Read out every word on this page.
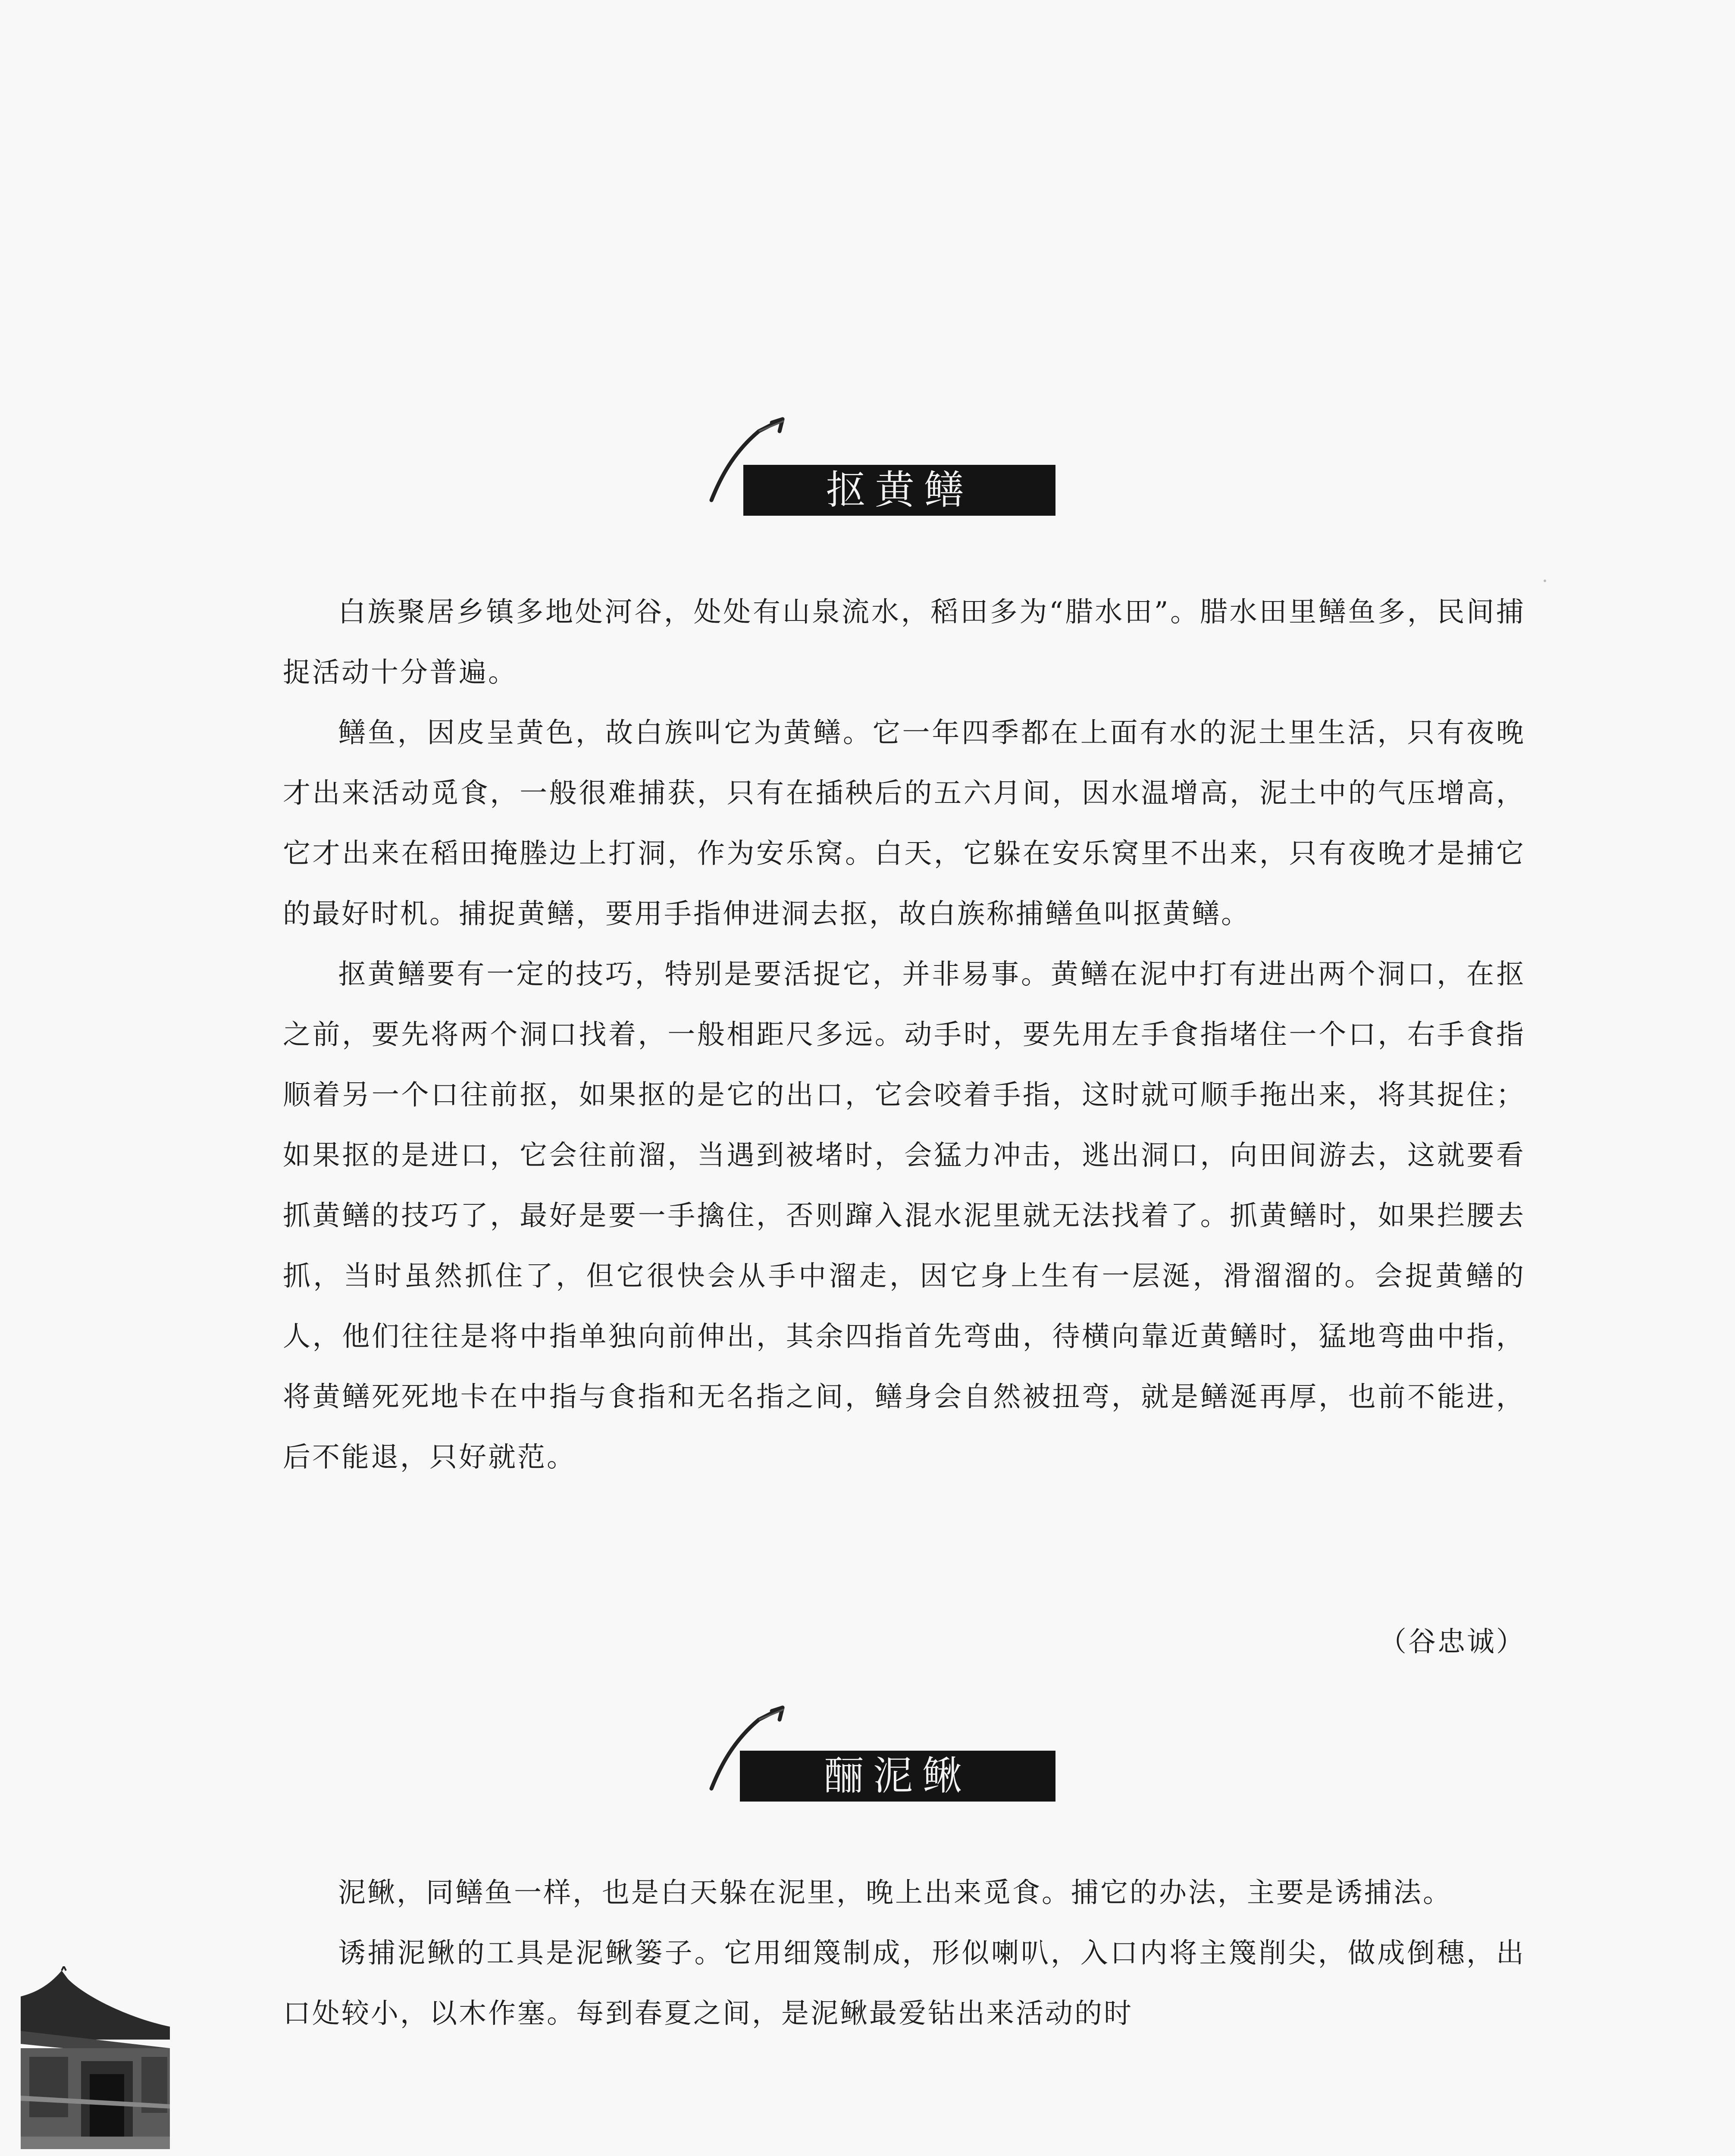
抠黄鳝

白族聚居乡镇多地处河谷，处处有山泉流水，稻田多为“腊水田”。腊水田里鳝鱼多，民间捕捉活动十分普遍。

鳝鱼，因皮呈黄色，故白族叫它为黄鳝。它一年四季都在上面有水的泥土里生活，只有夜晚才出来活动觅食，一般很难捕获，只有在插秧后的五六月间，因水温增高，泥土中的气压增高，它才出来在稻田掩塍边上打洞，作为安乐窝。白天，它躲在安乐窝里不出来，只有夜晚才是捕它的最好时机。捕捉黄鳝，要用手指伸进洞去抠，故白族称捕鳝鱼叫抠黄鳝。

抠黄鳝要有一定的技巧，特别是要活捉它，并非易事。黄鳝在泥中打有进出两个洞口，在抠之前，要先将两个洞口找着，一般相距尺多远。动手时，要先用左手食指堵住一个口，右手食指顺着另一个口往前抠，如果抠的是它的出口，它会咬着手指，这时就可顺手拖出来，将其捉住；如果抠的是进口，它会往前溜，当遇到被堵时，会猛力冲击，逃出洞口，向田间游去，这就要看抓黄鳝的技巧了，最好是要一手擒住，否则蹿入混水泥里就无法找着了。抓黄鳝时，如果拦腰去抓，当时虽然抓住了，但它很快会从手中溜走，因它身上生有一层涎，滑溜溜的。会捉黄鳝的人，他们往往是将中指单独向前伸出，其余四指首先弯曲，待横向靠近黄鳝时，猛地弯曲中指，将黄鳝死死地卡在中指与食指和无名指之间，鳝身会自然被扭弯，就是鳝涎再厚，也前不能进，后不能退，只好就范。

（谷忠诚）
酾泥鳅

泥鳅，同鳝鱼一样，也是白天躲在泥里，晚上出来觅食。捕它的办法，主要是诱捕法。

诱捕泥鳅的工具是泥鳅篓子。它用细篾制成，形似喇叭，入口内将主篾削尖，做成倒穗，出口处较小，以木作塞。每到春夏之间，是泥鳅最爱钻出来活动的时
